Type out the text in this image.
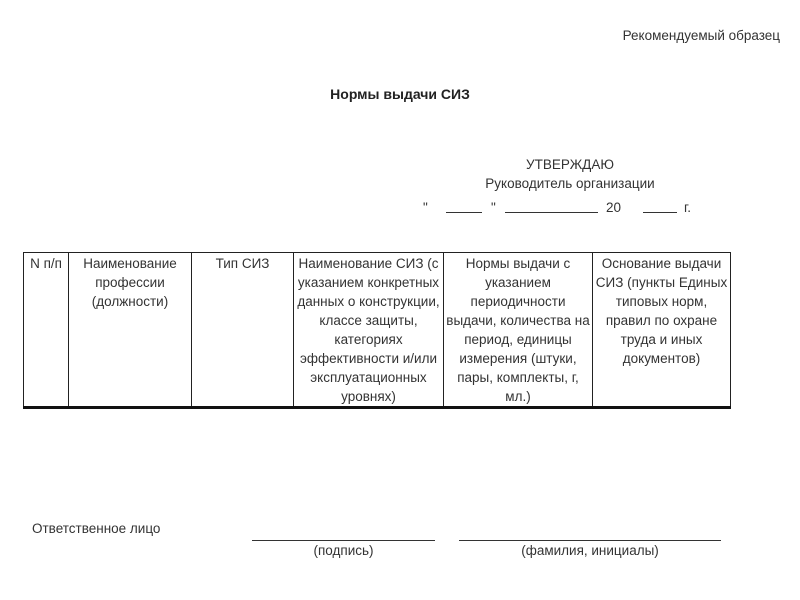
Рекомендуемый образец
Нормы выдачи СИЗ
УТВЕРЖДАЮ
Руководитель организации
"	"	20	г.
N п/п	Наименование профессии (должности)	Тип СИЗ	Наименование СИЗ (с указанием конкретных данных о конструкции, классе защиты, категориях эффективности и/или эксплуатационных уровнях)	Нормы выдачи с указанием периодичности выдачи, количества на период, единицы измерения (штуки, пары, комплекты, г, мл.)	Основание выдачи СИЗ (пункты Единых типовых норм, правил по охране труда и иных документов)

Ответственное лицо
(подпись)	(фамилия, инициалы)
